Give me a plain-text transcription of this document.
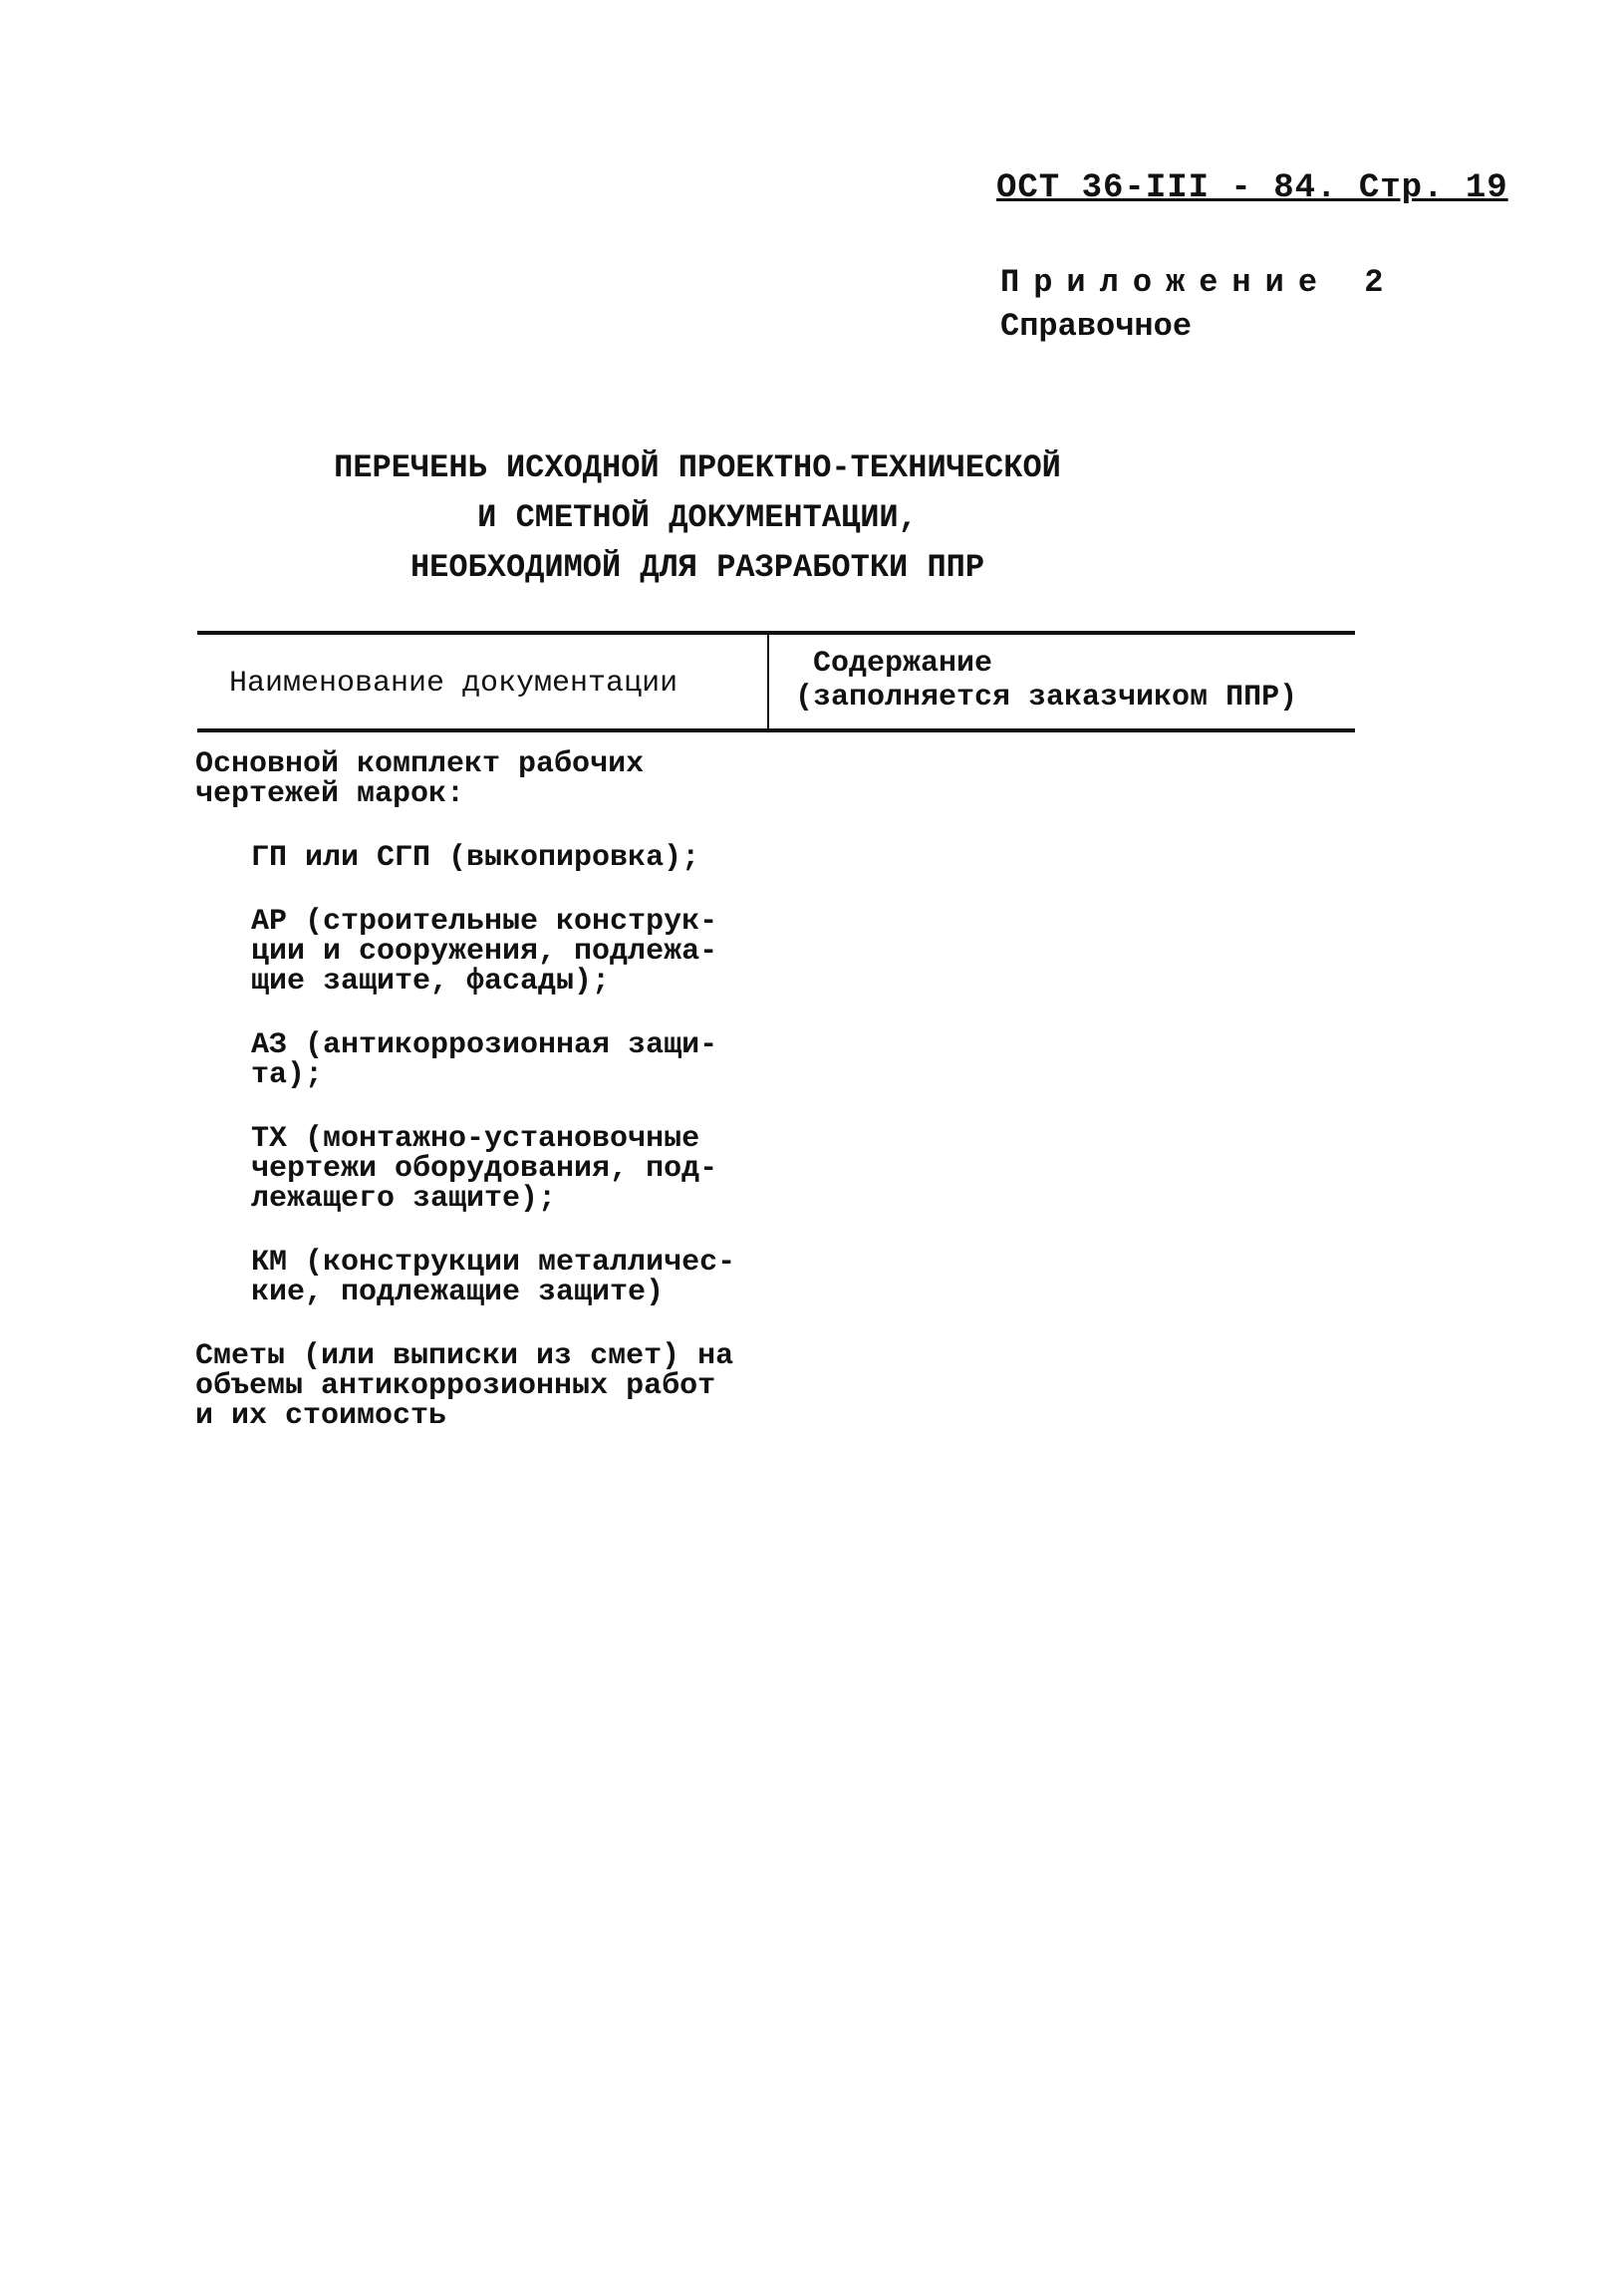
ОСТ 36-III - 84. Стр. 19
Приложение 2
Справочное
ПЕРЕЧЕНЬ ИСХОДНОЙ ПРОЕКТНО-ТЕХНИЧЕСКОЙ
И СМЕТНОЙ ДОКУМЕНТАЦИИ,
НЕОБХОДИМОЙ ДЛЯ РАЗРАБОТКИ ППР
Наименование документации
Содержание
(заполняется заказчиком ППР)
Основной комплект рабочих
чертежей марок:
ГП или СГП (выкопировка);
АР (строительные конструк-
ции и сооружения, подлежа-
щие защите, фасады);
АЗ (антикоррозионная защи-
та);
ТХ (монтажно-установочные
чертежи оборудования, под-
лежащего защите);
КМ (конструкции металличес-
кие, подлежащие защите)
Сметы (или выписки из смет) на
объемы антикоррозионных работ
и их стоимость
